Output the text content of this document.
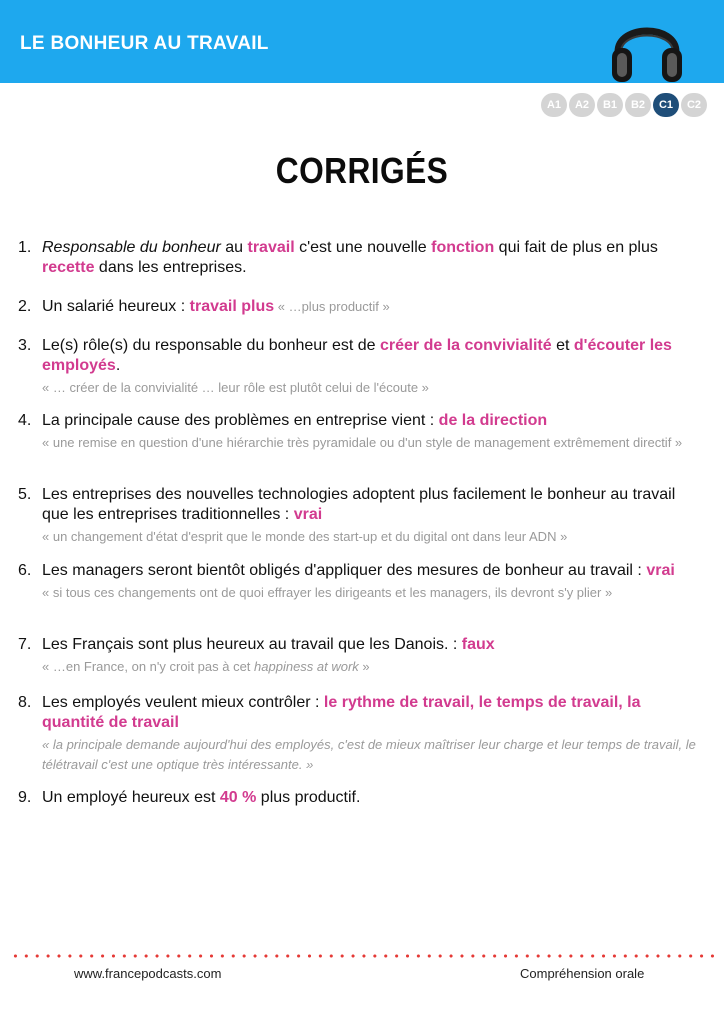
LE BONHEUR AU TRAVAIL
A1	A2	B1	B2	C1	C2
CORRIGÉS
1. Responsable du bonheur au travail c'est une nouvelle fonction qui fait de plus en plus recette dans les entreprises.
2. Un salarié heureux : travail plus « …plus productif »
3. Le(s) rôle(s) du responsable du bonheur est de créer de la convivialité et d'écouter les employés.
« … créer de la convivialité … leur rôle est plutôt celui de l'écoute »
4. La principale cause des problèmes en entreprise vient : de la direction
« une remise en question d'une hiérarchie très pyramidale ou d'un style de management extrêmement directif »
5. Les entreprises des nouvelles technologies adoptent plus facilement le bonheur au travail que les entreprises traditionnelles : vrai
« un changement d'état d'esprit que le monde des start-up et du digital ont dans leur ADN »
6. Les managers seront bientôt obligés d'appliquer des mesures de bonheur au travail : vrai
« si tous ces changements ont de quoi effrayer les dirigeants et les managers, ils devront s'y plier »
7. Les Français sont plus heureux au travail que les Danois. : faux
« …en France, on n'y croit pas à cet happiness at work »
8. Les employés veulent mieux contrôler : le rythme de travail, le temps de travail, la quantité de travail
« la principale demande aujourd'hui des employés, c'est de mieux maîtriser leur charge et leur temps de travail, le télétravail c'est une optique très intéressante. »
9. Un employé heureux est 40 % plus productif.
www.francepodcasts.com	Compréhension orale
